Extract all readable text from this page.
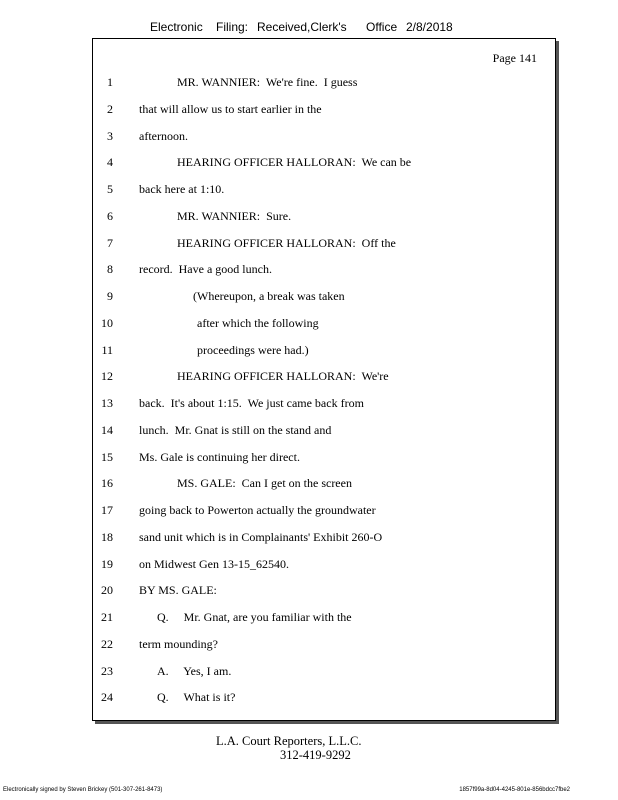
Electronic Filing: Received,Clerk's Office 2/8/2018
Page 141
1	MR. WANNIER:  We're fine.  I guess
2 that will allow us to start earlier in the
3 afternoon.
4	HEARING OFFICER HALLORAN:  We can be
5 back here at 1:10.
6	MR. WANNIER:  Sure.
7	HEARING OFFICER HALLORAN:  Off the
8 record.  Have a good lunch.
9	(Whereupon, a break was taken
10	after which the following
11	proceedings were had.)
12	HEARING OFFICER HALLORAN:  We're
13 back.  It's about 1:15.  We just came back from
14 lunch.  Mr. Gnat is still on the stand and
15 Ms. Gale is continuing her direct.
16	MS. GALE:  Can I get on the screen
17 going back to Powerton actually the groundwater
18 sand unit which is in Complainants' Exhibit 260-O
19 on Midwest Gen 13-15_62540.
20 BY MS. GALE:
21	Q.     Mr. Gnat, are you familiar with the
22 term mounding?
23	A.     Yes, I am.
24	Q.     What is it?
L.A. Court Reporters, L.L.C.
312-419-9292
Electronically signed by Steven Brickey (501-307-261-8473)	1857f99a-8d04-4245-801e-856bdcc7fbe2
